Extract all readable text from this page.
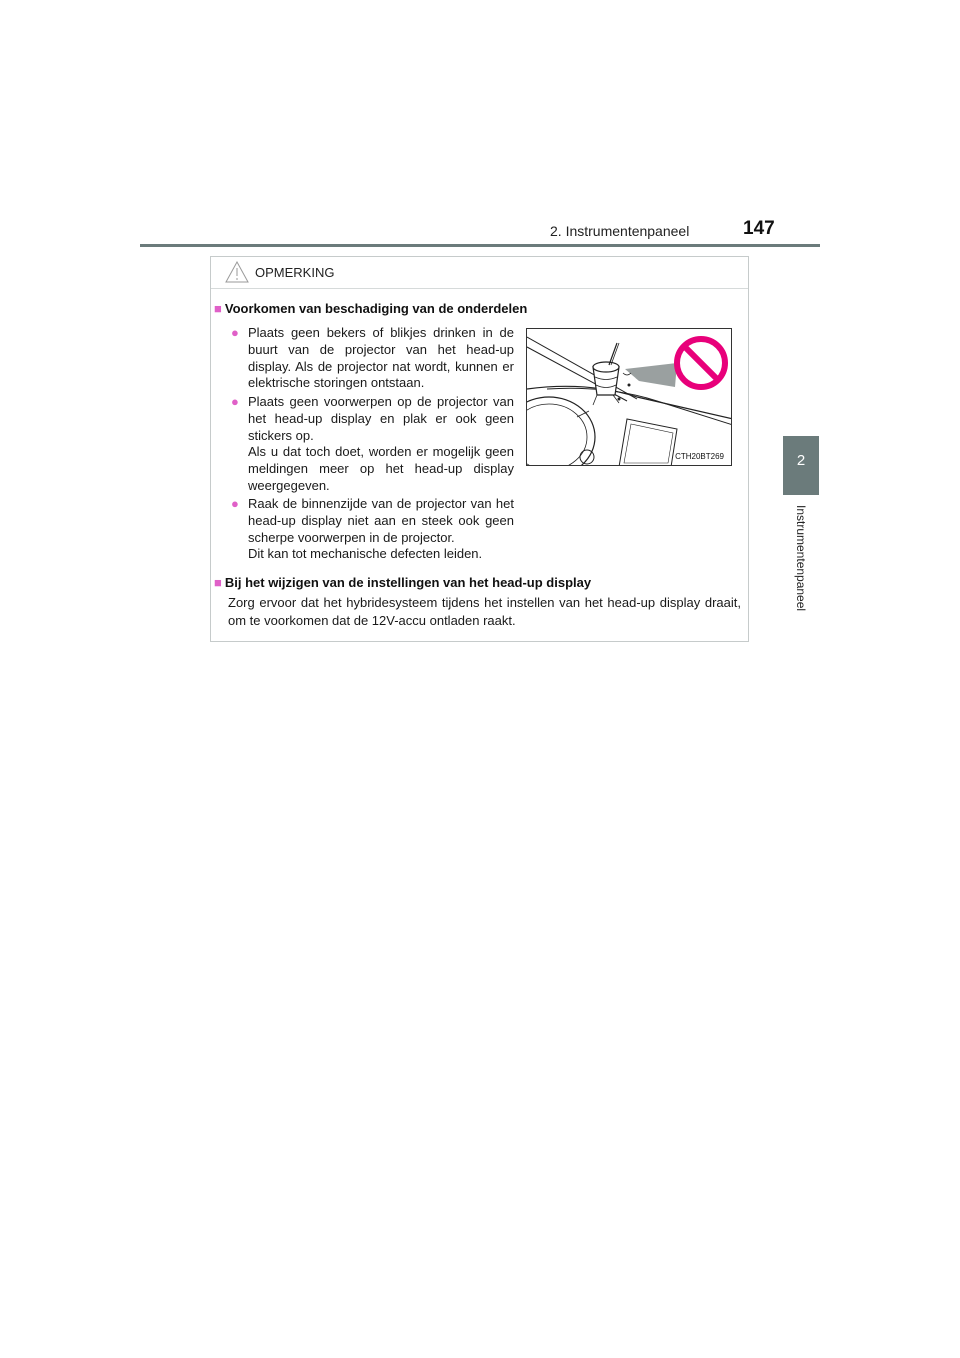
2. Instrumentenpaneel	147
2
Instrumentenpaneel
OPMERKING
■ Voorkomen van beschadiging van de onderdelen
● Plaats geen bekers of blikjes drinken in de buurt van de projector van het head-up display. Als de projector nat wordt, kunnen er elektrische storingen ontstaan.

● Plaats geen voorwerpen op de projector van het head-up display en plak er ook geen stickers op.

Als u dat toch doet, worden er mogelijk geen meldingen meer op het head-up display weergegeven.

● Raak de binnenzijde van de projector van het head-up display niet aan en steek ook geen scherpe voorwerpen in de projector.

Dit kan tot mechanische defecten leiden.

■ Bij het wijzigen van de instellingen van het head-up display
Zorg ervoor dat het hybridesysteem tijdens het instellen van het head-up display draait, om te voorkomen dat de 12V-accu ontladen raakt.
CTH20BT269
